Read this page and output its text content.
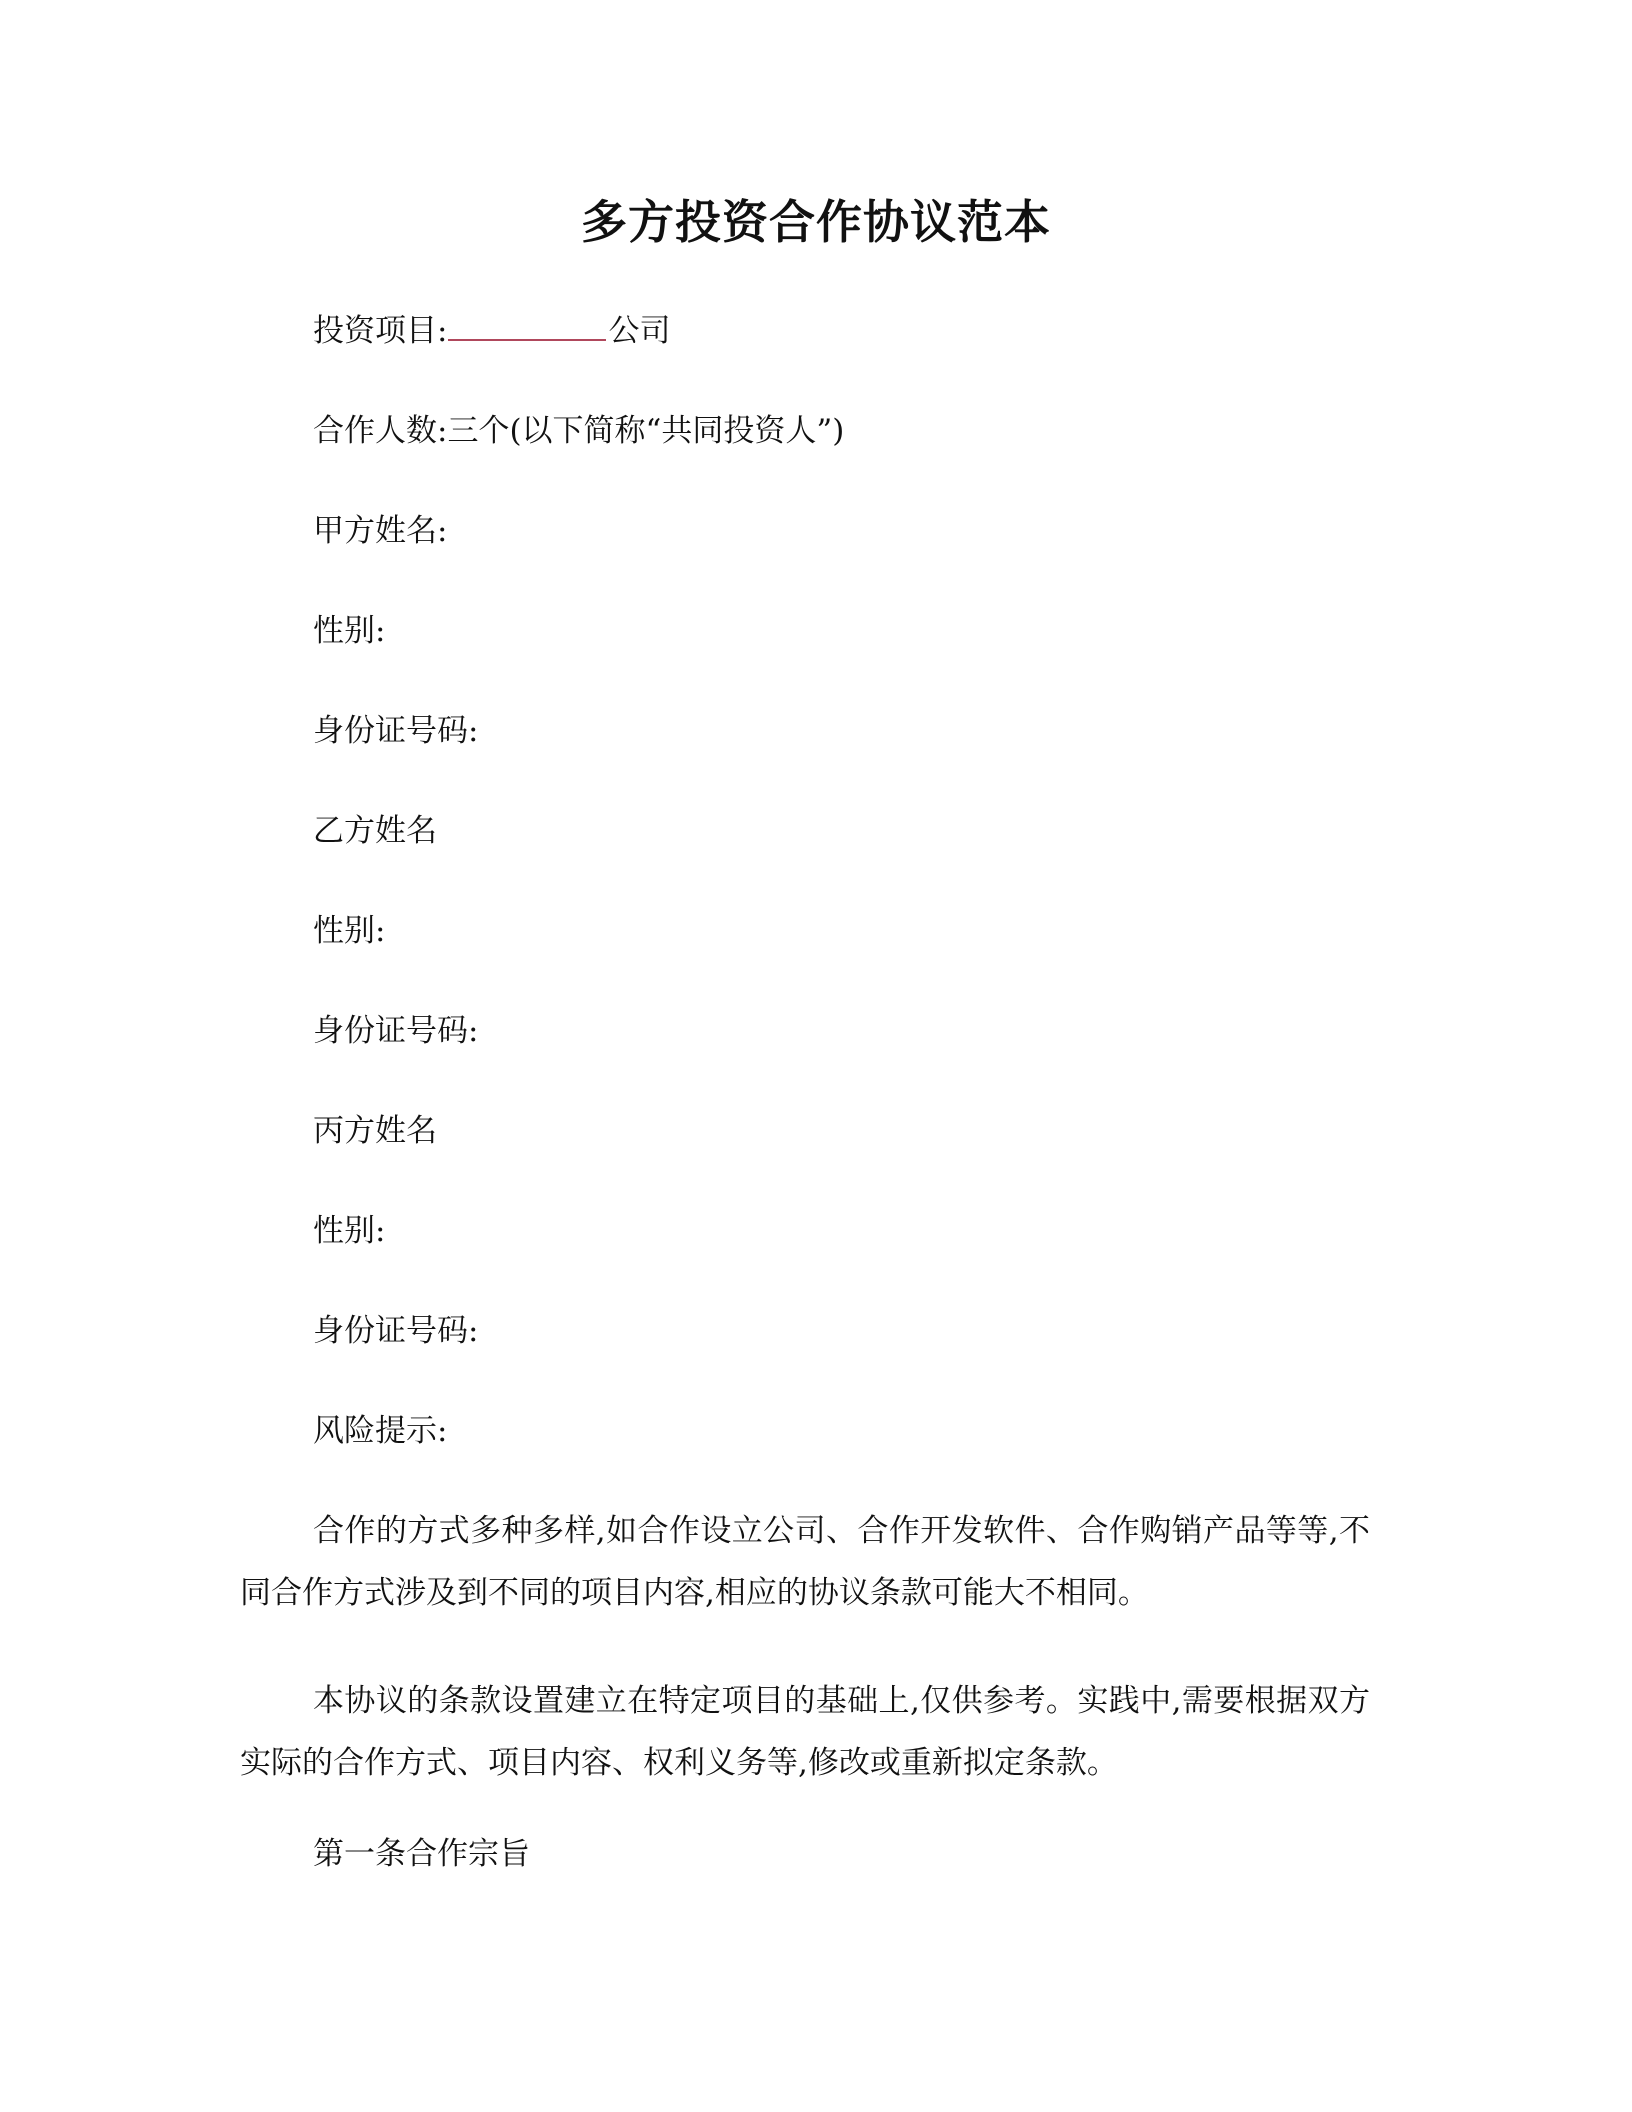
多方投资合作协议范本
投资项目:	公司
合作人数:三个(以下简称“共同投资人”)
甲方姓名:
性别:
身份证号码:
乙方姓名
性别:
身份证号码:
丙方姓名
性别:
身份证号码:
风险提示:
合作的方式多种多样,如合作设立公司、合作开发软件、合作购销产品等等,不同合作方式涉及到不同的项目内容,相应的协议条款可能大不相同。
本协议的条款设置建立在特定项目的基础上,仅供参考。实践中,需要根据双方实际的合作方式、项目内容、权利义务等,修改或重新拟定条款。
第一条合作宗旨
